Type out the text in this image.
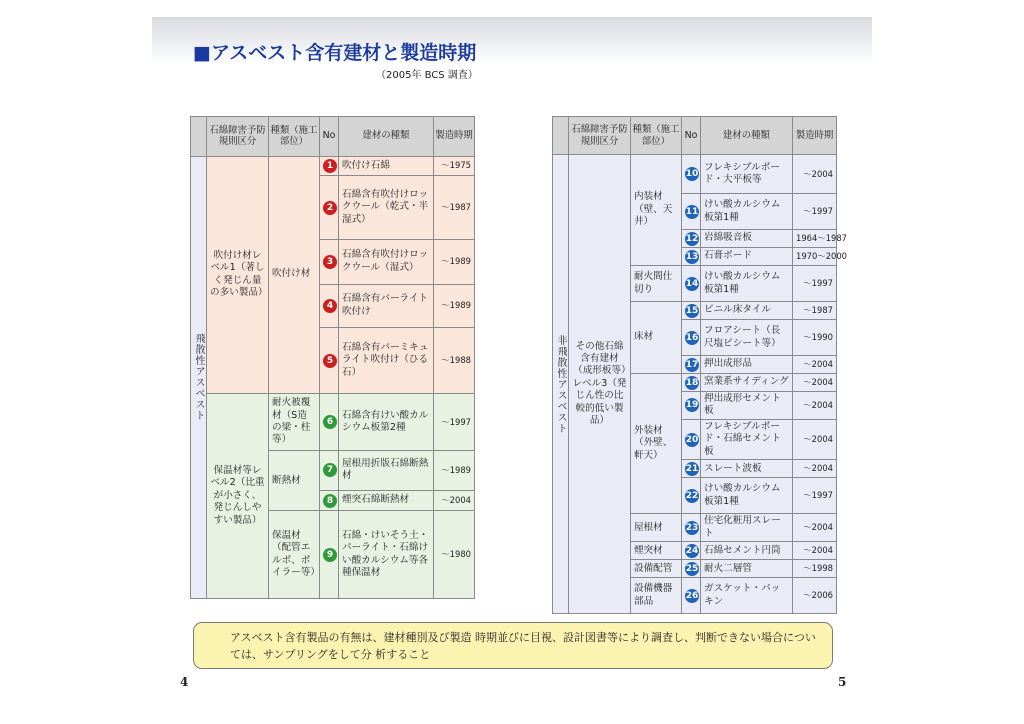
■アスベスト含有建材と製造時期
（2005年 BCS 調査）
	石綿障害予防規則区分	種類（施工部位）	No	建材の種類	製造時期
飛散性アスベスト	吹付け材レベル1（著しく発じん量の多い製品）	吹付け材	1	吹付け石綿	～1975
			2	石綿含有吹付けロックウール（乾式・半湿式）	～1987
			3	石綿含有吹付けロックウール（湿式）	～1989
			4	石綿含有バーライト吹付け	～1989
			5	石綿含有バーミキュライト吹付け（ひる石）	～1988
	保温材等レベル2（比重が小さく、発じんしやすい製品）	耐火被覆材（S造の梁・柱等）	6	石綿含有けい酸カルシウム板第2種	～1997
		断熱材	7	屋根用折版石綿断熱材	～1989
			8	煙突石綿断熱材	～2004
		保温材（配管エルボ、ボイラー等）	9	石綿・けいそう土・パーライト・石綿けい酸カルシウム等各種保温材	～1980
	石綿障害予防規則区分	種類（施工部位）	No	建材の種類	製造時期
非飛散性アスベスト	その他石綿含有建材（成形板等）レベル3（発じん性の比較的低い製品）	内装材（壁、天井）	10	フレキシブルボード・大平板等	～2004
			11	けい酸カルシウム板第1種	～1997
			12	岩綿吸音板	1964～1987
			13	石膏ボード	1970～2000
		耐火間仕切り	14	けい酸カルシウム板第1種	～1997
		床材	15	ビニル床タイル	～1987
			16	フロアシート（長尺塩ビシート等）	～1990
			17	押出成形品	～2004
		外装材（外壁、軒天）	18	窯業系サイディング	～2004
			19	押出成形セメント板	～2004
			20	フレキシブルボード・石綿セメント板	～2004
			21	スレート波板	～2004
			22	けい酸カルシウム板第1種	～1997
		屋根材	23	住宅化粧用スレート	～2004
		煙突材	24	石綿セメント円筒	～2004
		設備配管	25	耐火二層管	～1998
		設備機器部品	26	ガスケット・パッキン	～2006
アスベスト含有製品の有無は、建材種別及び製造 時期並びに目視、設計図書等により調査し、判断できない場合については、サンプリングをして分 析すること
4	5
